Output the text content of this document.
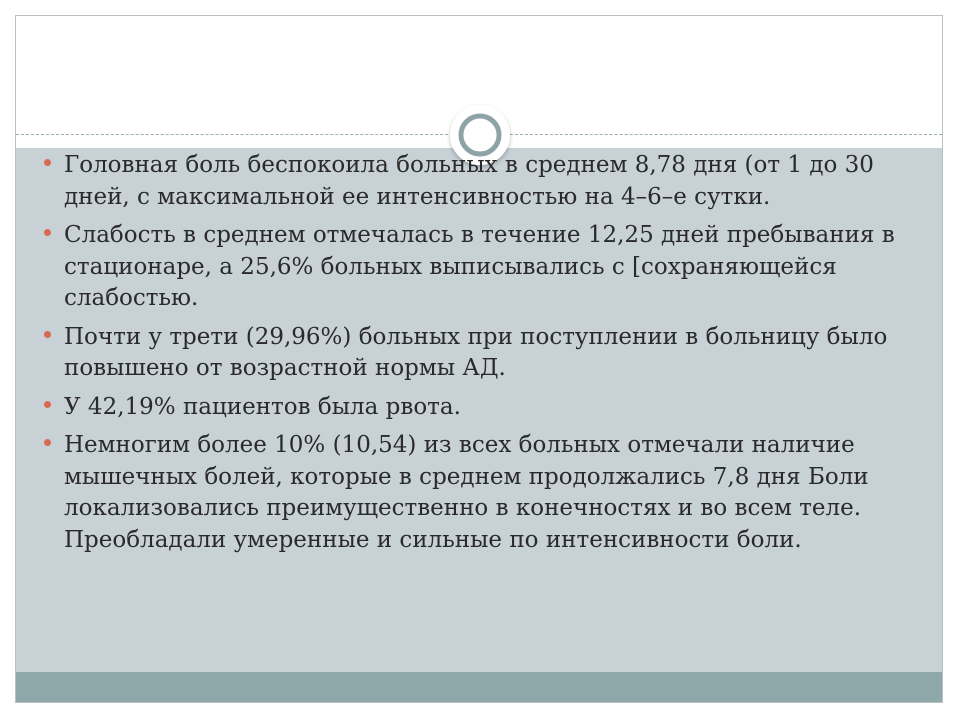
Головная боль беспокоила больных в среднем 8,78 дня (от 1 до 30 дней, с максимальной ее интенсивностью на 4–6–е сутки.
Слабость в среднем отмечалась в течение 12,25 дней пребывания в стационаре, а 25,6% больных выписывались с [сохраняющейся слабостью.
Почти у трети (29,96%) больных при поступлении в больницу было повышено от возрастной нормы АД.
У 42,19% пациентов была рвота.
Немногим более 10% (10,54) из всех больных отмечали наличие мышечных болей, которые в среднем продолжались 7,8 дня Боли локализовались преимущественно в конечностях и во всем теле. Преобладали умеренные и сильные по интенсивности боли.
